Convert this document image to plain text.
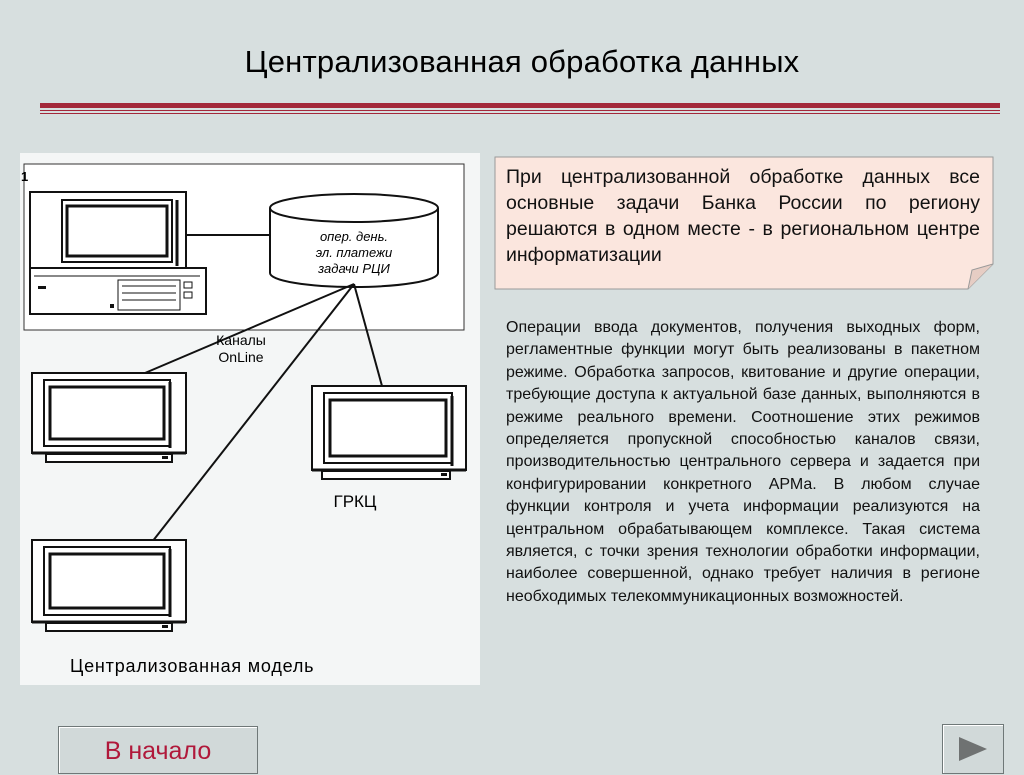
Централизованная обработка данных
1
опер. день.
эл. платежи
задачи РЦИ
Каналы
OnLine
ГРКЦ
Централизованная модель
При централизованной обработке данных все основные задачи Банка России по региону решаются в одном месте - в региональном центре информатизации
Операции ввода документов, получения выходных форм, регламентные функции могут быть реализованы в пакетном режиме. Обработка запросов, квитование и другие операции, требующие доступа к актуальной базе данных, выполняются в режиме реального времени. Соотношение этих режимов определяется пропускной способностью каналов связи, производительностью центрального сервера и задается при конфигурировании конкретного АРМа. В любом случае функции контроля и учета информации реализуются на центральном обрабатывающем комплексе. Такая система является, с точки зрения технологии обработки информации, наиболее совершенной, однако требует наличия в регионе необходимых телекоммуникационных возможностей.
В начало
